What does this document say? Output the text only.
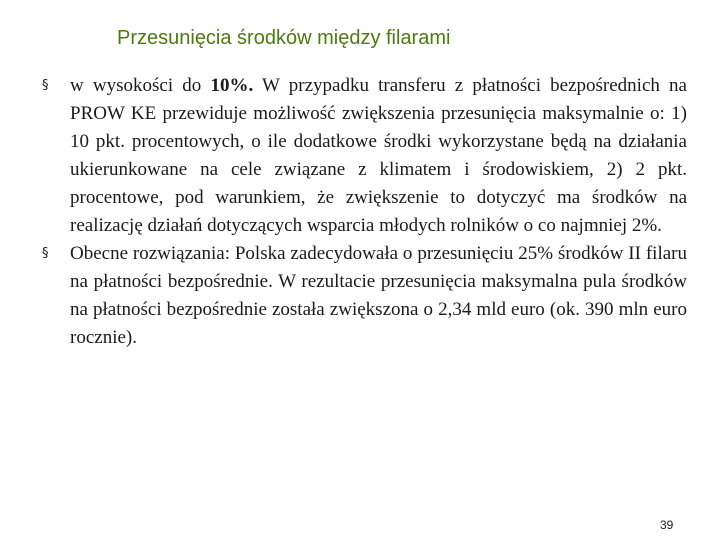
Przesunięcia środków między filarami
§ w wysokości do 10%. W przypadku transferu z płatności bezpośrednich na PROW KE przewiduje możliwość zwiększenia przesunięcia maksymalnie o: 1) 10 pkt. procentowych, o ile dodatkowe środki wykorzystane będą na działania ukierunkowane na cele związane z klimatem i środowiskiem, 2) 2 pkt. procentowe, pod warunkiem, że zwiększenie to dotyczyć ma środków na realizację działań dotyczących wsparcia młodych rolników o co najmniej 2%.
§ Obecne rozwiązania: Polska zadecydowała o przesunięciu 25% środków II filaru na płatności bezpośrednie. W rezultacie przesunięcia maksymalna pula środków na płatności bezpośrednie została zwiększona o 2,34 mld euro (ok. 390 mln euro rocznie).
39
